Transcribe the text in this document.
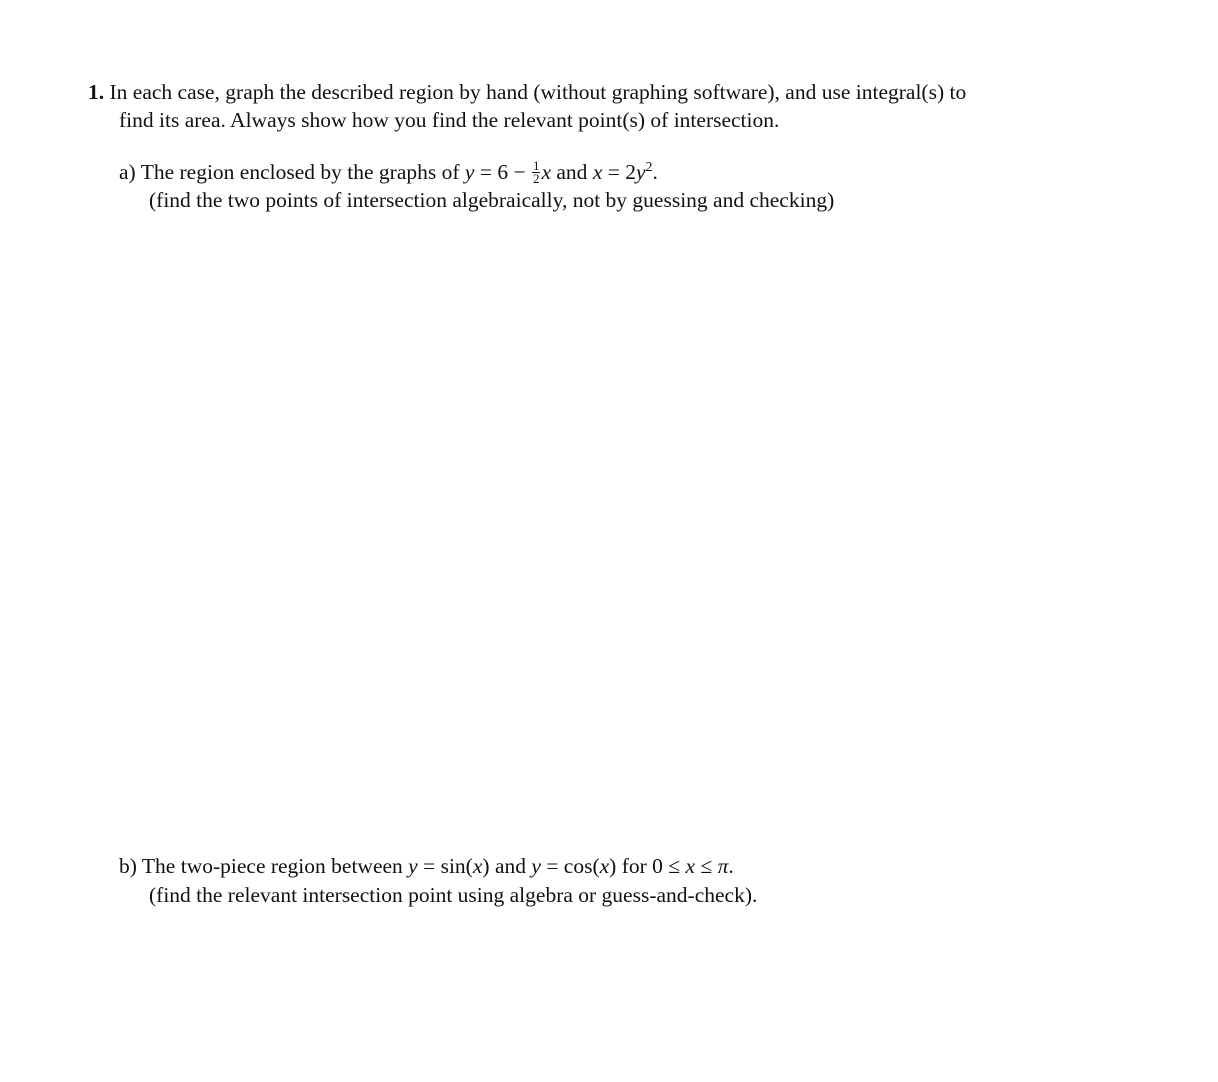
1. In each case, graph the described region by hand (without graphing software), and use integral(s) to
find its area. Always show how you find the relevant point(s) of intersection.
a) The region enclosed by the graphs of $y = 6 - \frac{1}{2}$ x and $x = 2y^2$.
(find the two points of intersection algebraically, not by guessing and checking)
b) The two-piece region between y = sin(x) and y = cos(x) for 0 ≤ x ≤ π.
(find the relevant intersection point using algebra or guess-and-check).
